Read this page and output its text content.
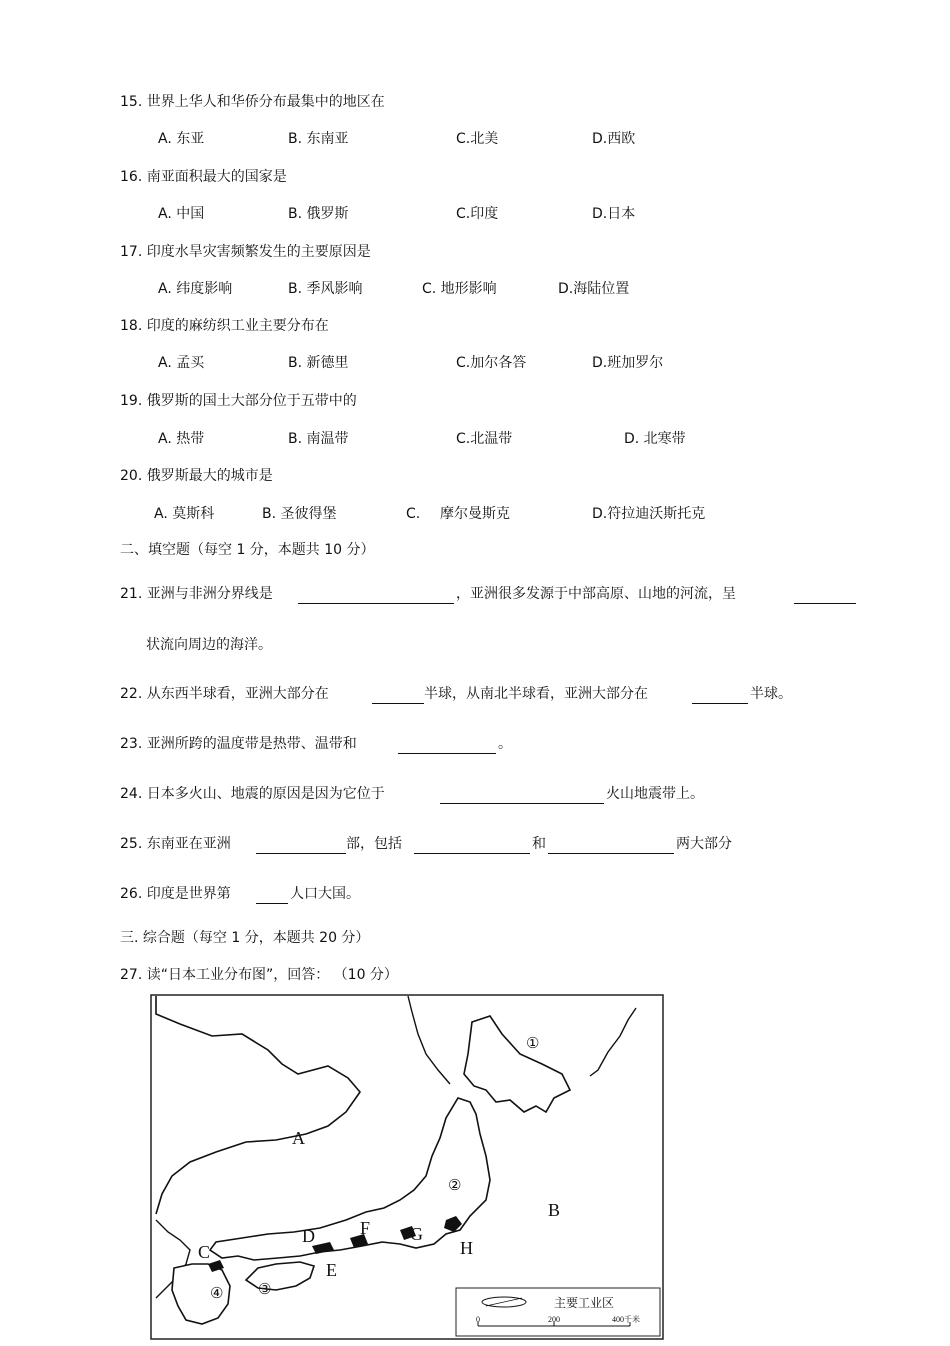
15. 世界上华人和华侨分布最集中的地区在
A. 东亚	B. 东南亚	C.北美	D.西欧
16. 南亚面积最大的国家是
A. 中国	B. 俄罗斯	C.印度	D.日本
17. 印度水旱灾害频繁发生的主要原因是
A. 纬度影响	B. 季风影响	C. 地形影响	D.海陆位置
18. 印度的麻纺织工业主要分布在
A. 孟买	B. 新德里	C.加尔各答	D.班加罗尔
19. 俄罗斯的国土大部分位于五带中的
A. 热带	B. 南温带	C.北温带	D. 北寒带
20. 俄罗斯最大的城市是
A. 莫斯科	B. 圣彼得堡	C. 摩尔曼斯克	D.符拉迪沃斯托克
二、填空题（每空 1 分，本题共 10 分）
21. 亚洲与非洲分界线是	，亚洲很多发源于中部高原、山地的河流，呈
状流向周边的海洋。
22. 从东西半球看，亚洲大部分在	半球，从南北半球看，亚洲大部分在	半球。
23. 亚洲所跨的温度带是热带、温带和	。
24. 日本多火山、地震的原因是因为它位于	火山地震带上。
25. 东南亚在亚洲	部，包括	和	两大部分
26. 印度是世界第	人口大国。
三. 综合题（每空 1 分，本题共 20 分）
27. 读“日本工业分布图”，回答： （10 分）
A
B
C
D
E
F G
H
①
②
③
④
主要工业区
0	200	400千米
